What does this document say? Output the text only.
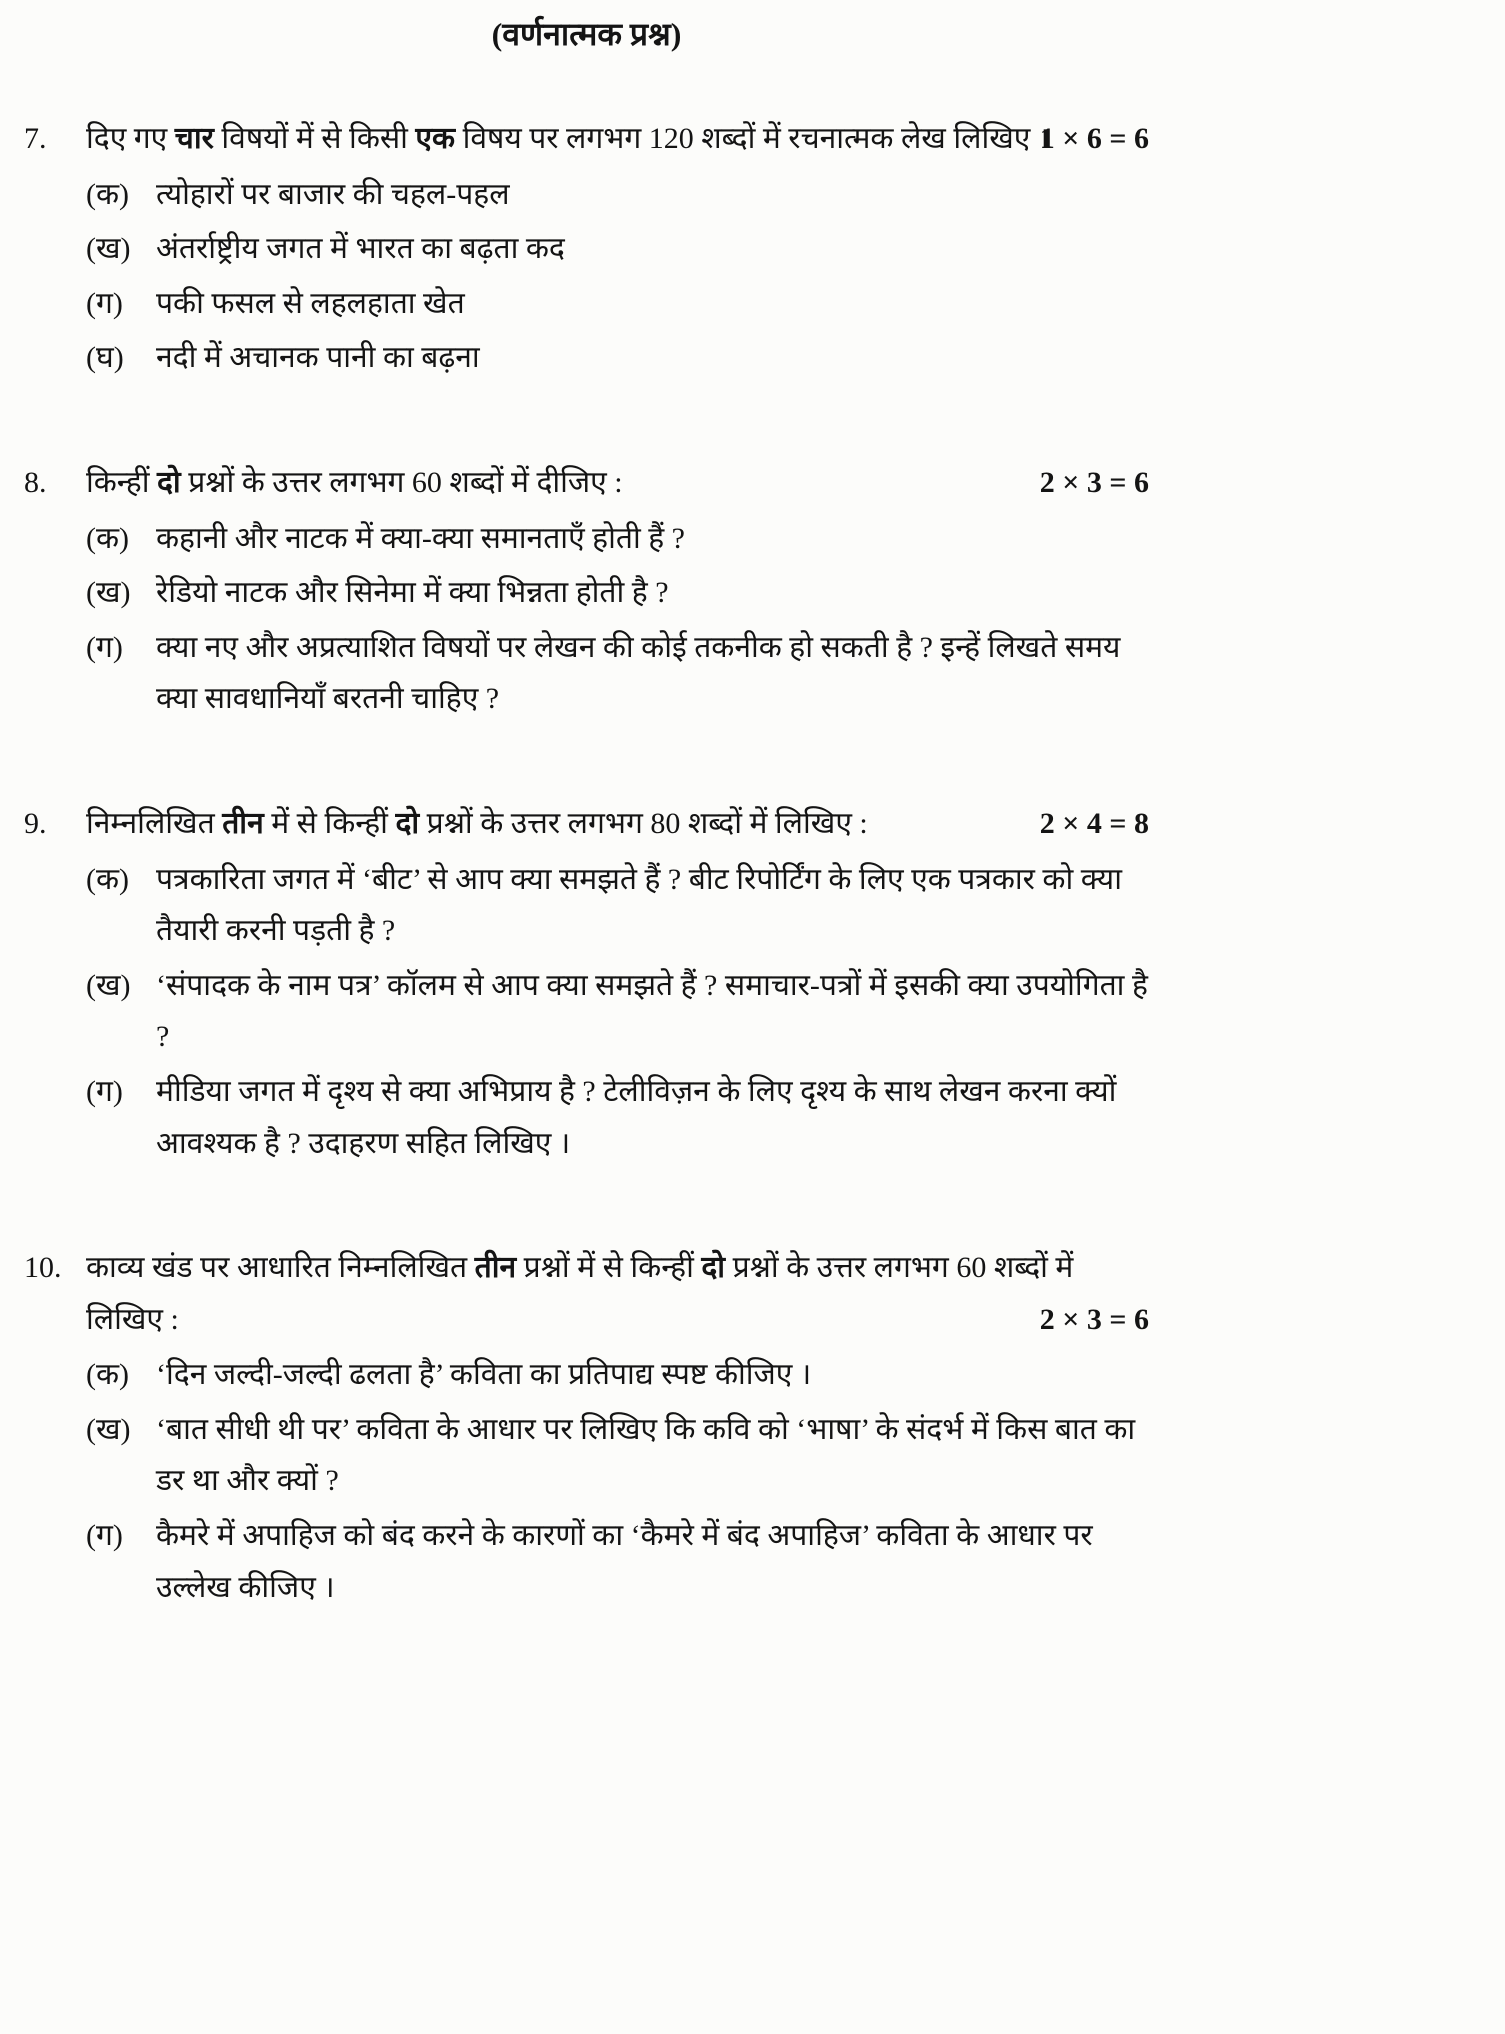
(वर्णनात्मक प्रश्न)
7.	दिए गए चार विषयों में से किसी एक विषय पर लगभग 120 शब्दों में रचनात्मक लेख लिखिए ।

1 × 6 = 6
(क) त्योहारों पर बाजार की चहल-पहल
(ख) अंतर्राष्ट्रीय जगत में भारत का बढ़ता कद
(ग)	पकी फसल से लहलहाता खेत
(घ)	नदी में अचानक पानी का बढ़ना
8.	किन्हीं दो प्रश्नों के उत्तर लगभग 60 शब्दों में दीजिए :	2 × 3 = 6
(क) कहानी और नाटक में क्या-क्या समानताएँ होती हैं ?
(ख) रेडियो नाटक और सिनेमा में क्या भिन्नता होती है ?
(ग)	क्या नए और अप्रत्याशित विषयों पर लेखन की कोई तकनीक हो सकती है ? इन्हें लिखते समय क्या सावधानियाँ बरतनी चाहिए ?
9.	निम्नलिखित तीन में से किन्हीं दो प्रश्नों के उत्तर लगभग 80 शब्दों में लिखिए :	2 × 4 = 8
(क) पत्रकारिता जगत में ‘बीट’ से आप क्या समझते हैं ? बीट रिपोर्टिंग के लिए एक पत्रकार को क्या तैयारी करनी पड़ती है ?
(ख) ‘संपादक के नाम पत्र’ कॉलम से आप क्या समझते हैं ? समाचार-पत्रों में इसकी क्या उपयोगिता है ?
(ग)	मीडिया जगत में दृश्य से क्या अभिप्राय है ? टेलीविज़न के लिए दृश्य के साथ लेखन करना क्यों आवश्यक है ? उदाहरण सहित लिखिए ।
10. काव्य खंड पर आधारित निम्नलिखित तीन प्रश्नों में से किन्हीं दो प्रश्नों के उत्तर लगभग 60 शब्दों में लिखिए :	2 × 3 = 6
(क) ‘दिन जल्दी-जल्दी ढलता है’ कविता का प्रतिपाद्य स्पष्ट कीजिए ।
(ख) ‘बात सीधी थी पर’ कविता के आधार पर लिखिए कि कवि को ‘भाषा’ के संदर्भ में किस बात का डर था और क्यों ?
(ग)	कैमरे में अपाहिज को बंद करने के कारणों का ‘कैमरे में बंद अपाहिज’ कविता के आधार पर उल्लेख कीजिए ।
